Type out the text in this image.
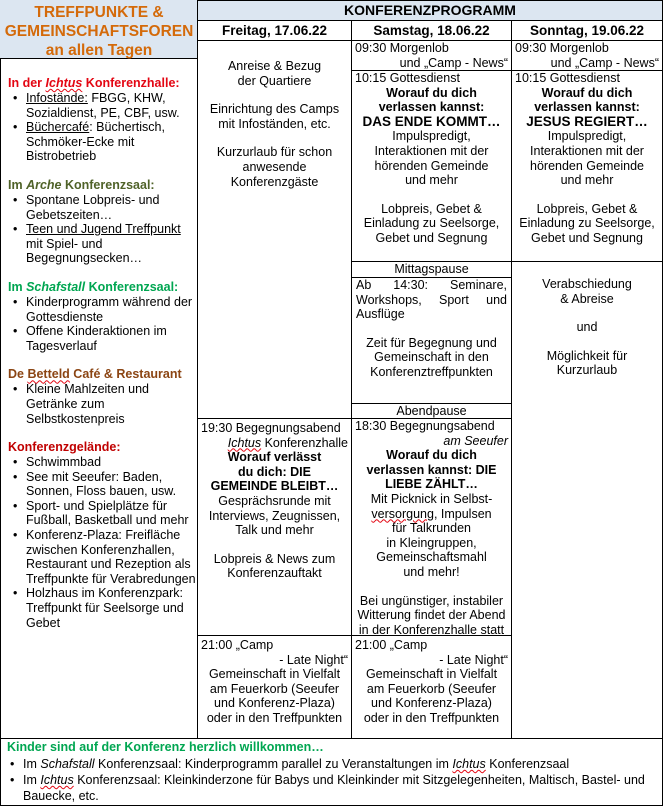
TREFFPUNKTE &
GEMEINSCHAFTSFOREN
an allen Tagen
In der Ichtus Konferenzhalle:
• Infostände: FBGG, KHW, Sozialdienst, PE, CBF, usw.
• Büchercafé: Büchertisch, Schmöker-Ecke mit Bistrobetrieb
Im Arche Konferenzsaal:
• Spontane Lobpreis- und Gebetszeiten…
• Teen und Jugend Treffpunkt mit Spiel- und Begegnungsecken…
Im Schafstall Konferenzsaal:
• Kinderprogramm während der Gottesdienste
• Offene Kinderaktionen im Tagesverlauf
De Betteld Café & Restaurant
• Kleine Mahlzeiten und Getränke zum Selbstkostenpreis
Konferenzgelände:
• Schwimmbad
• See mit Seeufer: Baden, Sonnen, Floss bauen, usw.
• Sport- und Spielplätze für Fußball, Basketball und mehr
• Konferenz-Plaza: Freifläche zwischen Konferenzhallen, Restaurant und Rezeption als Treffpunkte für Verabredungen
• Holzhaus im Konferenzpark: Treffpunkt für Seelsorge und Gebet
KONFERENZPROGRAMM
Freitag, 17.06.22	Samstag, 18.06.22	Sonntag, 19.06.22
Anreise & Bezug
der Quartiere
Einrichtung des Camps
mit Infoständen, etc.
Kurzurlaub für schon
anwesende
Konferenzgäste
19:30 Begegnungsabend
Ichtus Konferenzhalle
Worauf verlässt
du dich: DIE
GEMEINDE BLEIBT…
Gesprächsrunde mit
Interviews, Zeugnissen,
Talk und mehr
Lobpreis & News zum
Konferenzauftakt
21:00 „Camp
- Late Night“
Gemeinschaft in Vielfalt
am Feuerkorb (Seeufer
und Konferenz-Plaza)
oder in den Treffpunkten
09:30 Morgenlob
und „Camp - News“
10:15 Gottesdienst
Worauf du dich
verlassen kannst:
DAS ENDE KOMMT…
Impulspredigt,
Interaktionen mit der
hörenden Gemeinde
und mehr
Lobpreis, Gebet &
Einladung zu Seelsorge,
Gebet und Segnung
Mittagspause
Ab 14:30: Seminare, Workshops, Sport und Ausflüge
Zeit für Begegnung und
Gemeinschaft in den
Konferenztreffpunkten
Abendpause
18:30 Begegnungsabend
am Seeufer
Worauf du dich
verlassen kannst: DIE
LIEBE ZÄHLT…
Mit Picknick in Selbst-
versorgung, Impulsen
für Talkrunden
in Kleingruppen,
Gemeinschaftsmahl
und mehr!
Bei ungünstiger, instabiler
Witterung findet der Abend
in der Konferenzhalle statt
21:00 „Camp
- Late Night“
Gemeinschaft in Vielfalt
am Feuerkorb (Seeufer
und Konferenz-Plaza)
oder in den Treffpunkten
09:30 Morgenlob
und „Camp - News“
10:15 Gottesdienst
Worauf du dich
verlassen kannst:
JESUS REGIERT…
Impulspredigt,
Interaktionen mit der
hörenden Gemeinde
und mehr
Lobpreis, Gebet &
Einladung zu Seelsorge,
Gebet und Segnung
Verabschiedung
& Abreise
und
Möglichkeit für
Kurzurlaub
Kinder sind auf der Konferenz herzlich willkommen…
• Im Schafstall Konferenzsaal: Kinderprogramm parallel zu Veranstaltungen im Ichtus Konferenzsaal
• Im Ichtus Konferenzsaal: Kleinkinderzone für Babys und Kleinkinder mit Sitzgelegenheiten, Maltisch, Bastel- und Bauecke, etc.
